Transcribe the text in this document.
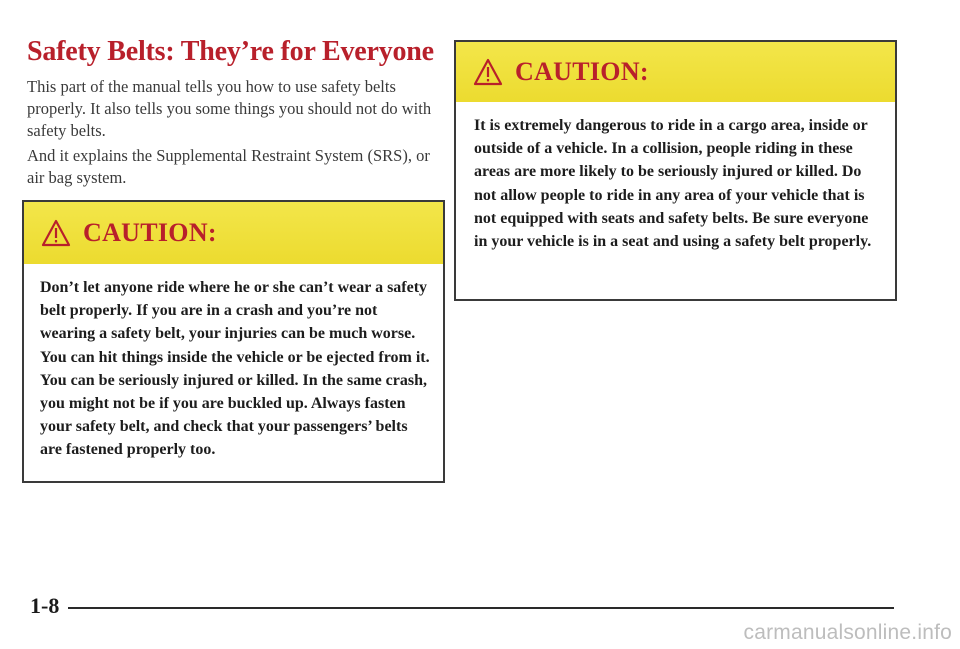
Safety Belts: They’re for Everyone

This part of the manual tells you how to use safety belts properly. It also tells you some things you should not do with safety belts.

And it explains the Supplemental Restraint System (SRS), or air bag system.

CAUTION:

Don’t let anyone ride where he or she can’t wear a safety belt properly. If you are in a crash and you’re not wearing a safety belt, your injuries can be much worse. You can hit things inside the vehicle or be ejected from it. You can be seriously injured or killed. In the same crash, you might not be if you are buckled up. Always fasten your safety belt, and check that your passengers’ belts are fastened properly too.

CAUTION:

It is extremely dangerous to ride in a cargo area, inside or outside of a vehicle. In a collision, people riding in these areas are more likely to be seriously injured or killed. Do not allow people to ride in any area of your vehicle that is not equipped with seats and safety belts. Be sure everyone in your vehicle is in a seat and using a safety belt properly.

1-8
carmanualsonline.info
